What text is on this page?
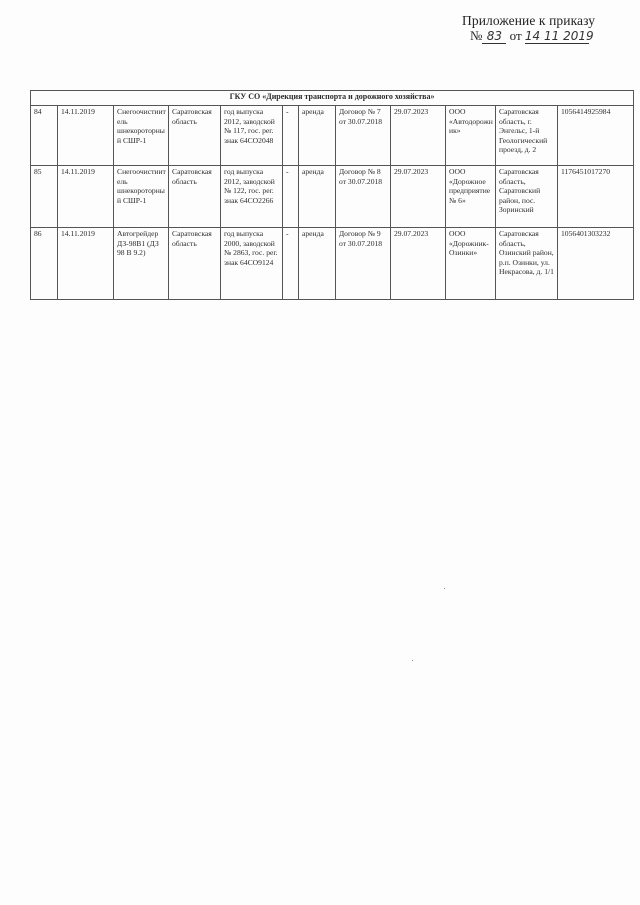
Приложение к приказу
№ 83 от 14 11 2019
ГКУ СО «Дирекция транспорта и дорожного хозяйства»											
84	14.11.2019	Снегоочистиитель шнекороторный СШР-1	Саратовская область	год выпуска 2012, заводской № 117, гос. рег. знак 64СО2048	-	аренда	Договор № 7 от 30.07.2018	29.07.2023	ООО «Автодорожник»	Саратовская область, г. Энгельс, 1-й Геологический проезд, д. 2	1056414925984
85	14.11.2019	Снегоочистиитель шнекороторный СШР-1	Саратовская область	год выпуска 2012, заводской № 122, гос. рег. знак 64СО2266	-	аренда	Договор № 8 от 30.07.2018	29.07.2023	ООО «Дорожное предприятие № 6»	Саратовская область, Саратовский район, пос. Зоринский	1176451017270
86	14.11.2019	Автогрейдер ДЗ-98В1 (ДЗ 98 В 9.2)	Саратовская область	год выпуска 2000, заводской № 2863, гос. рег. знак 64СО9124	-	аренда	Договор № 9 от 30.07.2018	29.07.2023	ООО «Дорожник-Озинки»	Саратовская область, Озинский район, р.п. Озинки, ул. Некрасова, д. 1/1	1056401303232
